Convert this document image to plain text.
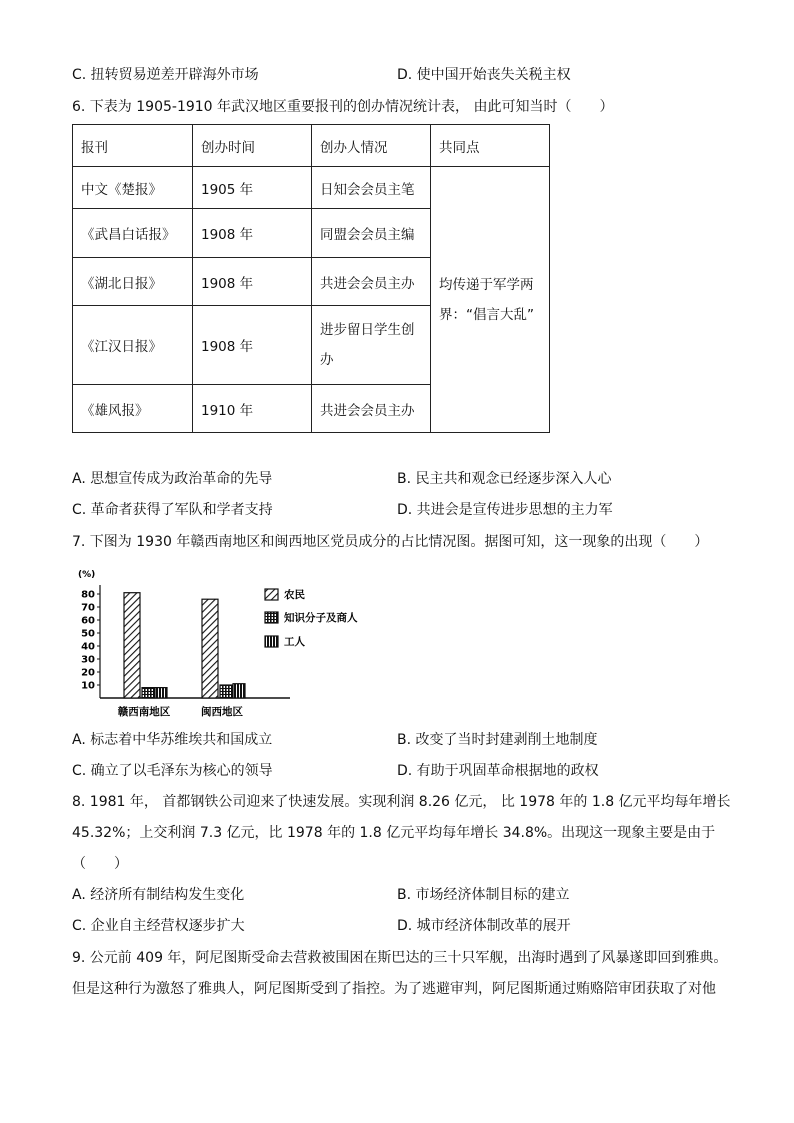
C. 扭转贸易逆差开辟海外市场	D. 使中国开始丧失关税主权
6. 下表为 1905-1910 年武汉地区重要报刊的创办情况统计表， 由此可知当时（　　）
报刊	创办时间	创办人情况	共同点
中文《楚报》	1905 年	日知会会员主笔	均传递于军学两界：“倡言大乱”
《武昌白话报》	1908 年	同盟会会员主编	
《湖北日报》	1908 年	共进会会员主办	
《江汉日报》	1908 年	进步留日学生创办	
《雄风报》	1910 年	共进会会员主办	
A. 思想宣传成为政治革命的先导	B. 民主共和观念已经逐步深入人心
C. 革命者获得了军队和学者支持	D. 共进会是宣传进步思想的主力军
7. 下图为 1930 年赣西南地区和闽西地区党员成分的占比情况图。据图可知，这一现象的出现（　　）
(%)
80
70
60
50
40
30
20
10
赣西南地区	闽西地区
农民
知识分子及商人
工人
A. 标志着中华苏维埃共和国成立	B. 改变了当时封建剥削土地制度
C. 确立了以毛泽东为核心的领导	D. 有助于巩固革命根据地的政权
8. 1981 年， 首都钢铁公司迎来了快速发展。实现利润 8.26 亿元， 比 1978 年的 1.8 亿元平均每年增长
45.32%；上交利润 7.3 亿元，比 1978 年的 1.8 亿元平均每年增长 34.8%。出现这一现象主要是由于
（　　）
A. 经济所有制结构发生变化	B. 市场经济体制目标的建立
C. 企业自主经营权逐步扩大	D. 城市经济体制改革的展开
9. 公元前 409 年，阿尼图斯受命去营救被围困在斯巴达的三十只军舰，出海时遇到了风暴遂即回到雅典。
但是这种行为激怒了雅典人，阿尼图斯受到了指控。为了逃避审判，阿尼图斯通过贿赂陪审团获取了对他
